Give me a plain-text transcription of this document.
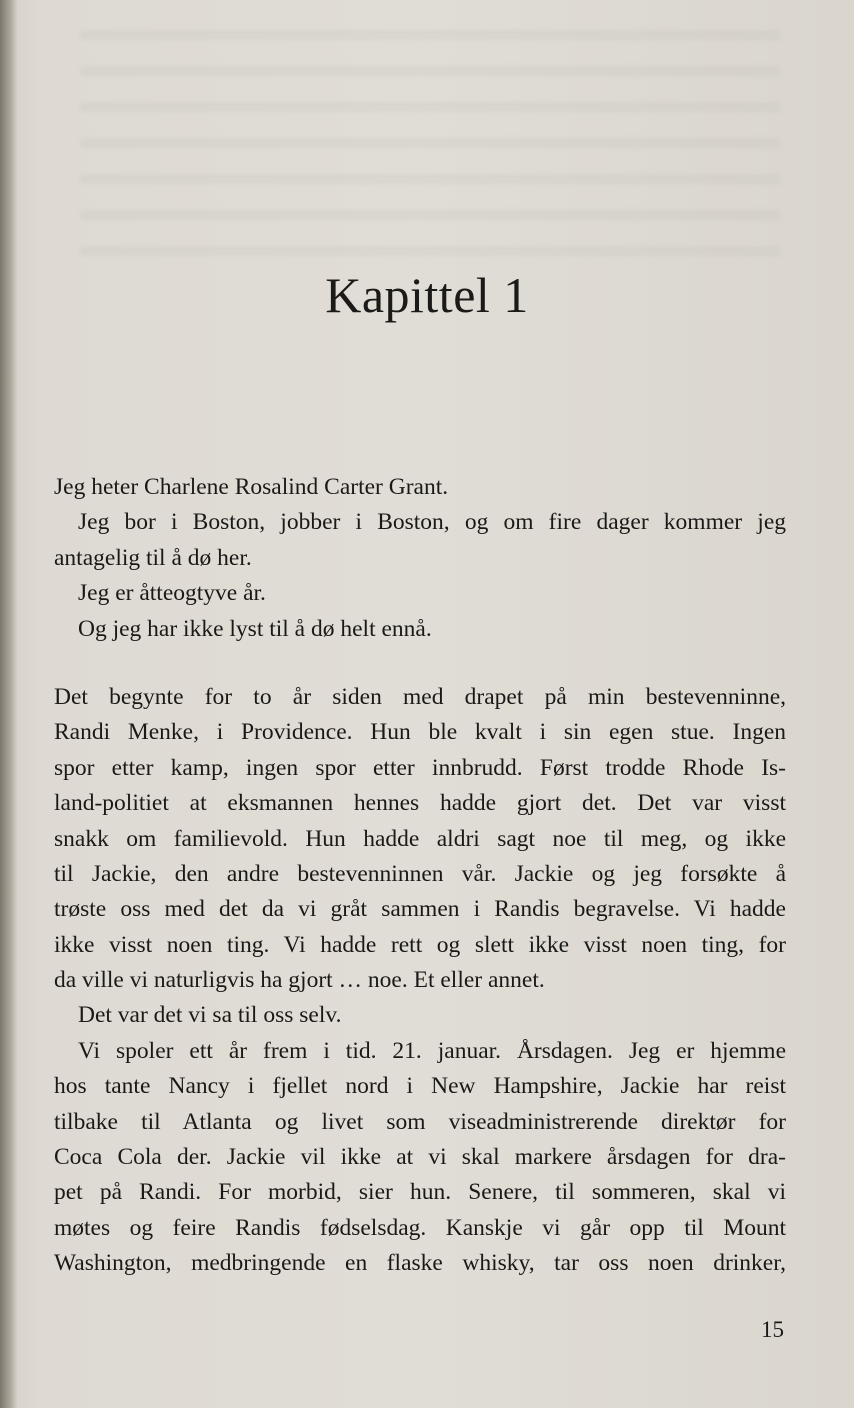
Kapittel 1
Jeg heter Charlene Rosalind Carter Grant.
Jeg bor i Boston, jobber i Boston, og om fire dager kommer jeg
antagelig til å dø her.
Jeg er åtteogtyve år.
Og jeg har ikke lyst til å dø helt ennå.
Det begynte for to år siden med drapet på min bestevenninne,
Randi Menke, i Providence. Hun ble kvalt i sin egen stue. Ingen
spor etter kamp, ingen spor etter innbrudd. Først trodde Rhode Is-
land-politiet at eksmannen hennes hadde gjort det. Det var visst
snakk om familievold. Hun hadde aldri sagt noe til meg, og ikke
til Jackie, den andre bestevenninnen vår. Jackie og jeg forsøkte å
trøste oss med det da vi gråt sammen i Randis begravelse. Vi hadde
ikke visst noen ting. Vi hadde rett og slett ikke visst noen ting, for
da ville vi naturligvis ha gjort … noe. Et eller annet.
Det var det vi sa til oss selv.
Vi spoler ett år frem i tid. 21. januar. Årsdagen. Jeg er hjemme
hos tante Nancy i fjellet nord i New Hampshire, Jackie har reist
tilbake til Atlanta og livet som viseadministrerende direktør for
Coca Cola der. Jackie vil ikke at vi skal markere årsdagen for dra-
pet på Randi. For morbid, sier hun. Senere, til sommeren, skal vi
møtes og feire Randis fødselsdag. Kanskje vi går opp til Mount
Washington, medbringende en flaske whisky, tar oss noen drinker,
15
